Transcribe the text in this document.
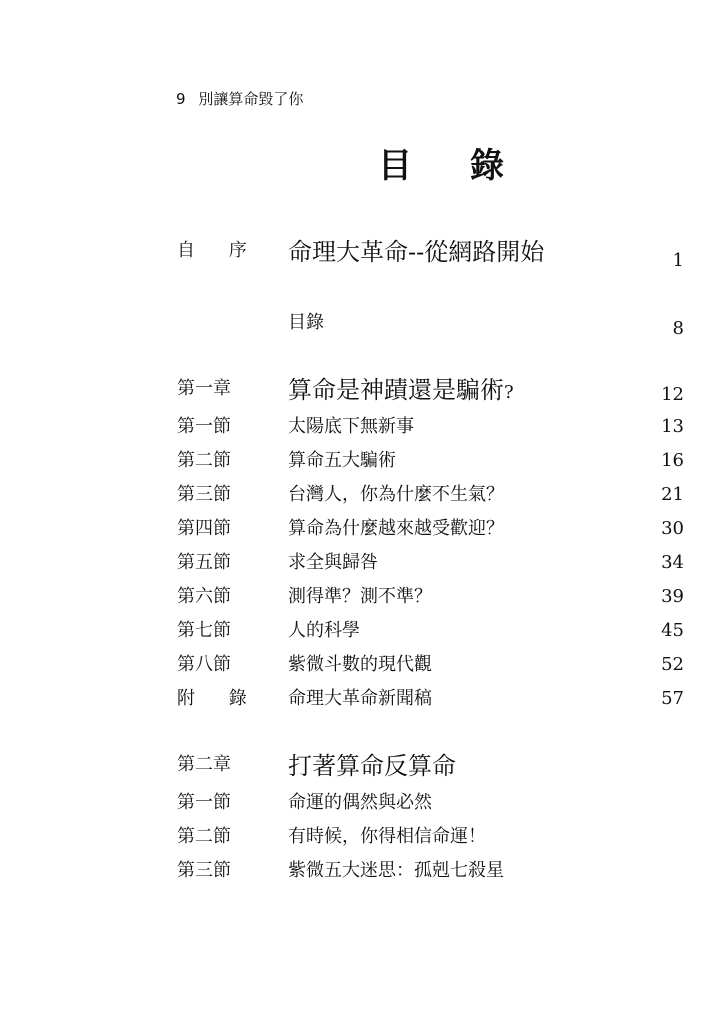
9 別讓算命毀了你
目錄
自 序 命理大革命--從網路開始	1
目錄	8
第一章 算命是神蹟還是騙術?	12
第一節	太陽底下無新事	13
第二節	算命五大騙術	16
第三節	台灣人，你為什麼不生氣？	21
第四節	算命為什麼越來越受歡迎？	30
第五節	求全與歸咎	34
第六節	測得準？測不準？	39
第七節	人的科學	45
第八節	紫微斗數的現代觀	52
附 錄 命理大革命新聞稿	57
第二章 打著算命反算命
第一節	命運的偶然與必然
第二節	有時候，你得相信命運！
第三節	紫微五大迷思：孤剋七殺星
